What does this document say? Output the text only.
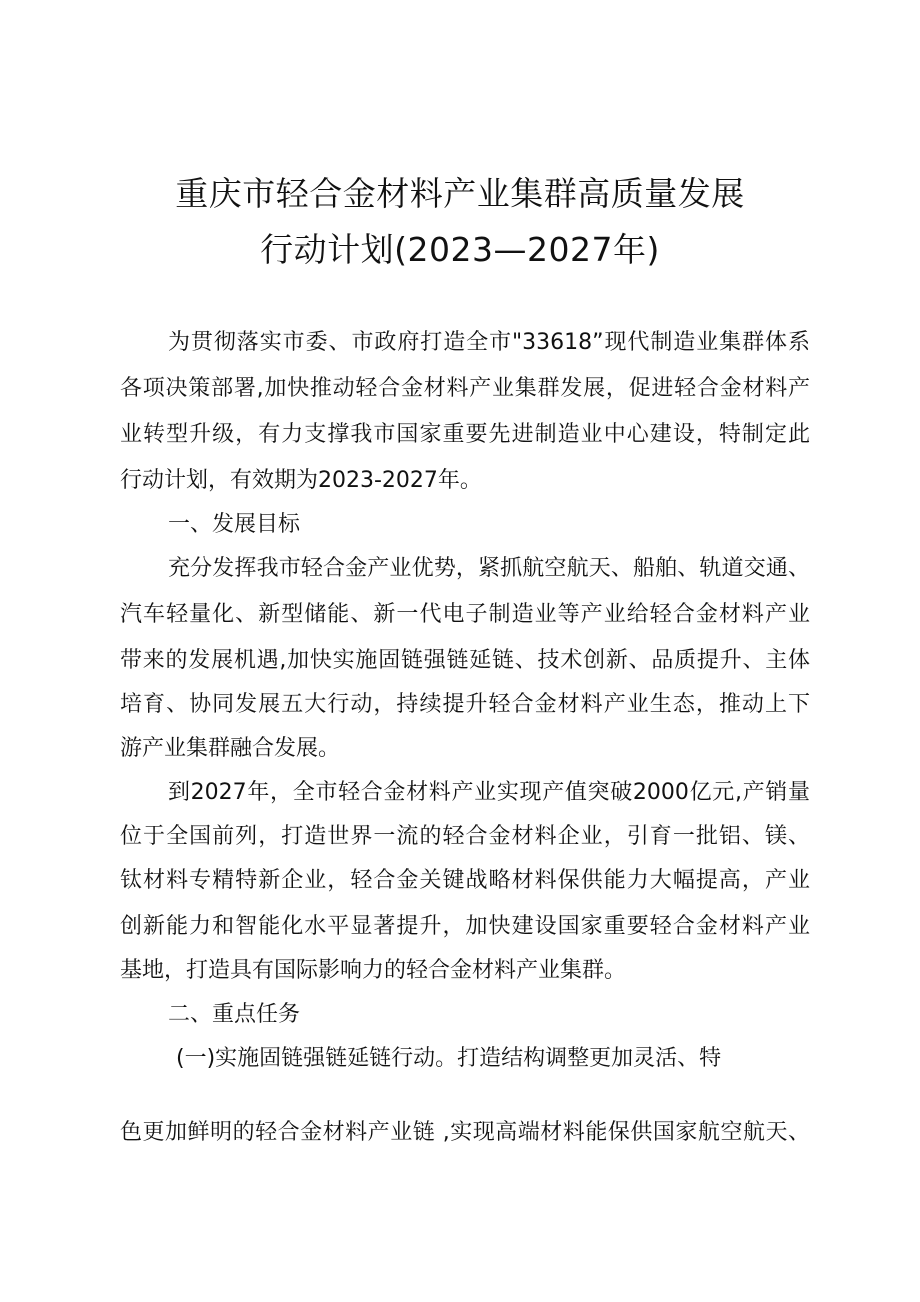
重庆市轻合金材料产业集群高质量发展
行动计划(2023—2027年)
为贯彻落实市委、市政府打造全市"33618”现代制造业集群体系
各项决策部署,加快推动轻合金材料产业集群发展，促进轻合金材料产
业转型升级，有力支撑我市国家重要先进制造业中心建设，特制定此
行动计划，有效期为2023-2027年。
一、发展目标
充分发挥我市轻合金产业优势，紧抓航空航天、船舶、轨道交通、
汽车轻量化、新型储能、新一代电子制造业等产业给轻合金材料产业
带来的发展机遇,加快实施固链强链延链、技术创新、品质提升、主体
培育、协同发展五大行动，持续提升轻合金材料产业生态，推动上下
游产业集群融合发展。
到2027年，全市轻合金材料产业实现产值突破2000亿元,产销量
位于全国前列，打造世界一流的轻合金材料企业，引育一批铝、镁、
钛材料专精特新企业，轻合金关键战略材料保供能力大幅提高，产业
创新能力和智能化水平显著提升，加快建设国家重要轻合金材料产业
基地，打造具有国际影响力的轻合金材料产业集群。
二、重点任务
(一)实施固链强链延链行动。打造结构调整更加灵活、特
色更加鲜明的轻合金材料产业链 ,实现高端材料能保供国家航空航天、
